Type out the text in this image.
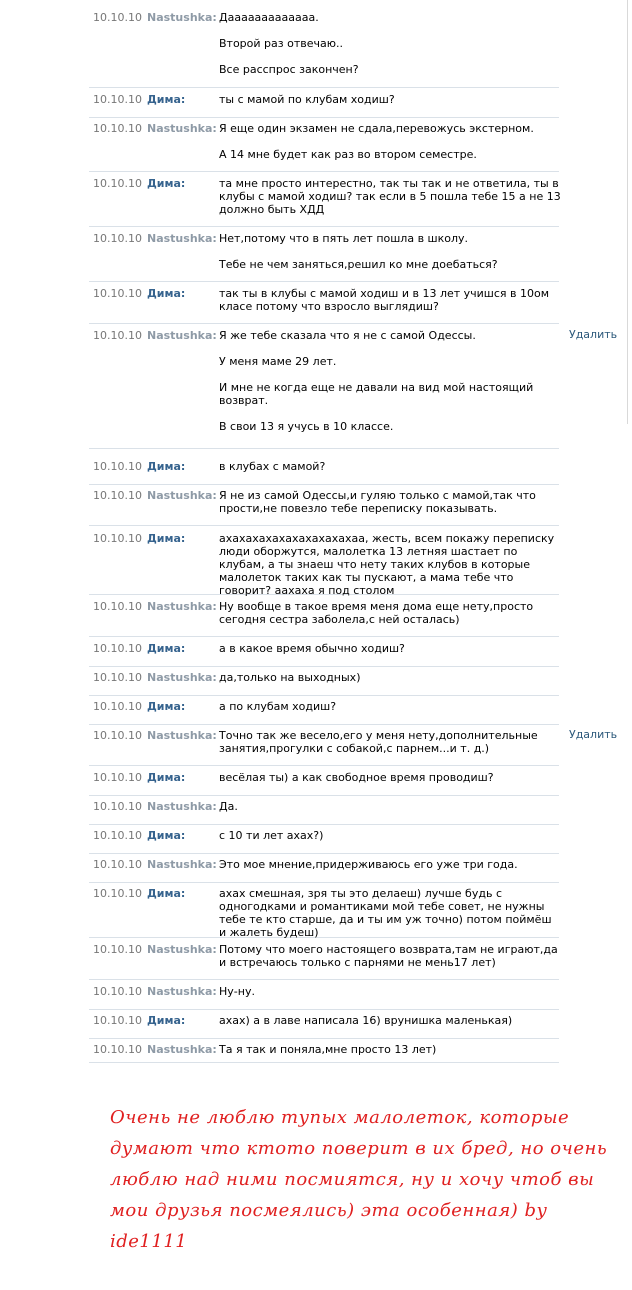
10.10.10 Nastushka: Дааааааааааааа.

Второй раз отвечаю..

Все расспрос закончен?

10.10.10 Дима:	ты с мамой по клубам ходиш?

10.10.10 Nastushka: Я еще один экзамен не сдала,перевожусь экстерном.

А 14 мне будет как раз во втором семестре.

10.10.10 Дима:	та мне просто интерестно, так ты так и не ответила, ты в клубы с мамой ходиш? так если в 5 пошла тебе 15 а не 13 должно быть ХДД

10.10.10 Nastushka: Нет,потому что в пять лет пошла в школу.

Тебе не чем заняться,решил ко мне доебаться?

10.10.10 Дима:	так ты в клубы с мамой ходиш и в 13 лет учишся в 10ом класе потому что взросло выглядиш?

10.10.10 Nastushka: Я же тебе сказала что я не с самой Одессы.

У меня маме 29 лет.

И мне не когда еще не давали на вид мой настоящий возврат.

В свои 13 я учусь в 10 классе.

Удалить
10.10.10 Дима:	в клубах с мамой?

10.10.10 Nastushka: Я не из самой Одессы,и гуляю только с мамой,так что прости,не повезло тебе переписку показывать.

10.10.10 Дима:	ахахахахахахахахахахаа, жесть, всем покажу переписку люди оборжутся, малолетка 13 летняя шастает по клубам, а ты знаеш что нету таких клубов в которые малолеток таких как ты пускают, а мама тебе что говорит? аахаха я под столом

10.10.10 Nastushka: Ну вообще в такое время меня дома еще нету,просто сегодня сестра заболела,с ней осталась)

10.10.10 Дима:	а в какое время обычно ходиш?

10.10.10 Nastushka: да,только на выходных)

10.10.10 Дима:	а по клубам ходиш?

10.10.10 Nastushka: Точно так же весело,его у меня нету,дополнительные занятия,прогулки с собакой,с парнем...и т. д.)

Удалить
10.10.10 Дима:	весёлая ты) а как свободное время проводиш?

10.10.10 Nastushka: Да.

10.10.10 Дима:	с 10 ти лет ахах?)

10.10.10 Nastushka: Это мое мнение,придерживаюсь его уже три года.

10.10.10 Дима:	ахах смешная, зря ты это делаеш) лучше будь с одногодками и романтиками мой тебе совет, не нужны тебе те кто старше, да и ты им уж точно) потом поймёш и жалеть будеш)

10.10.10 Nastushka: Потому что моего настоящего возврата,там не играют,да и встречаюсь только с парнями не мень17 лет)

10.10.10 Nastushka: Ну-ну.

10.10.10 Дима:	ахах) а в лаве написала 16) врунишка маленькая)

10.10.10 Nastushka: Та я так и поняла,мне просто 13 лет)

Очень не люблю тупых малолеток, которые думают что ктото поверит в их бред, но очень люблю над ними посмиятся, ну и хочу чтоб вы мои друзья посмеялись) эта особенная) by ide1111
